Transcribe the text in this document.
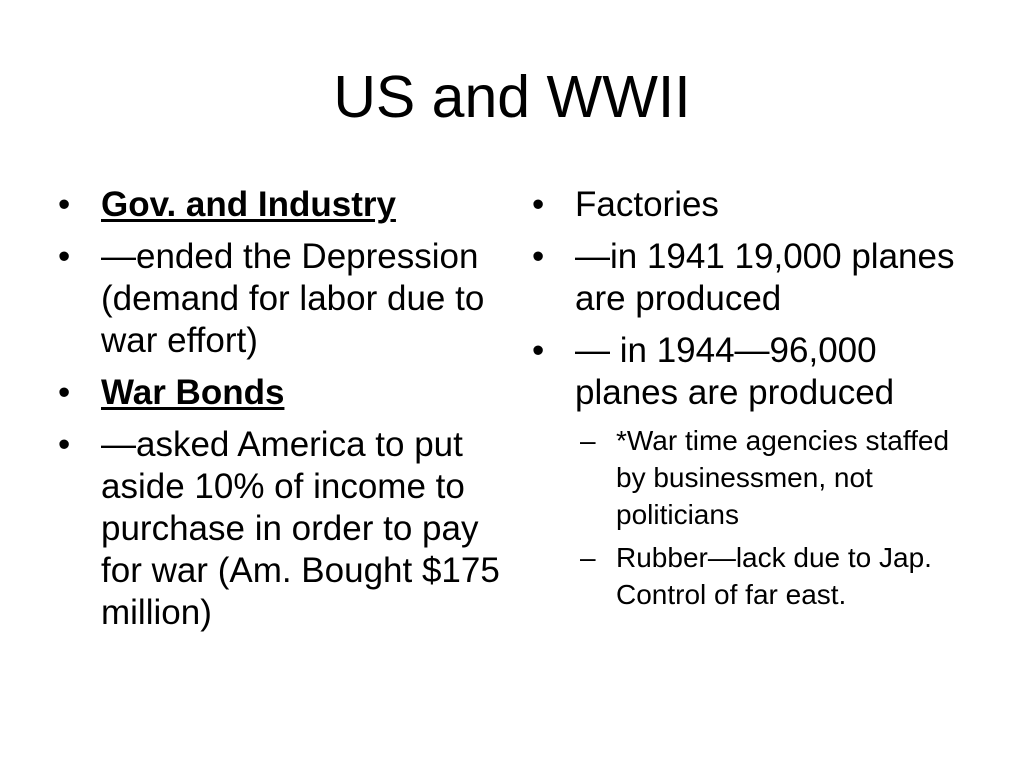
US and WWII
• Gov. and Industry
• —ended the Depression (demand for labor due to war effort)
• War Bonds
• —asked America to put aside 10% of income to purchase in order to pay for war (Am. Bought $175 million)
• Factories
• —in 1941 19,000 planes are produced
• — in 1944—96,000 planes are produced
– *War time agencies staffed by businessmen, not politicians
– Rubber—lack due to Jap. Control of far east.
